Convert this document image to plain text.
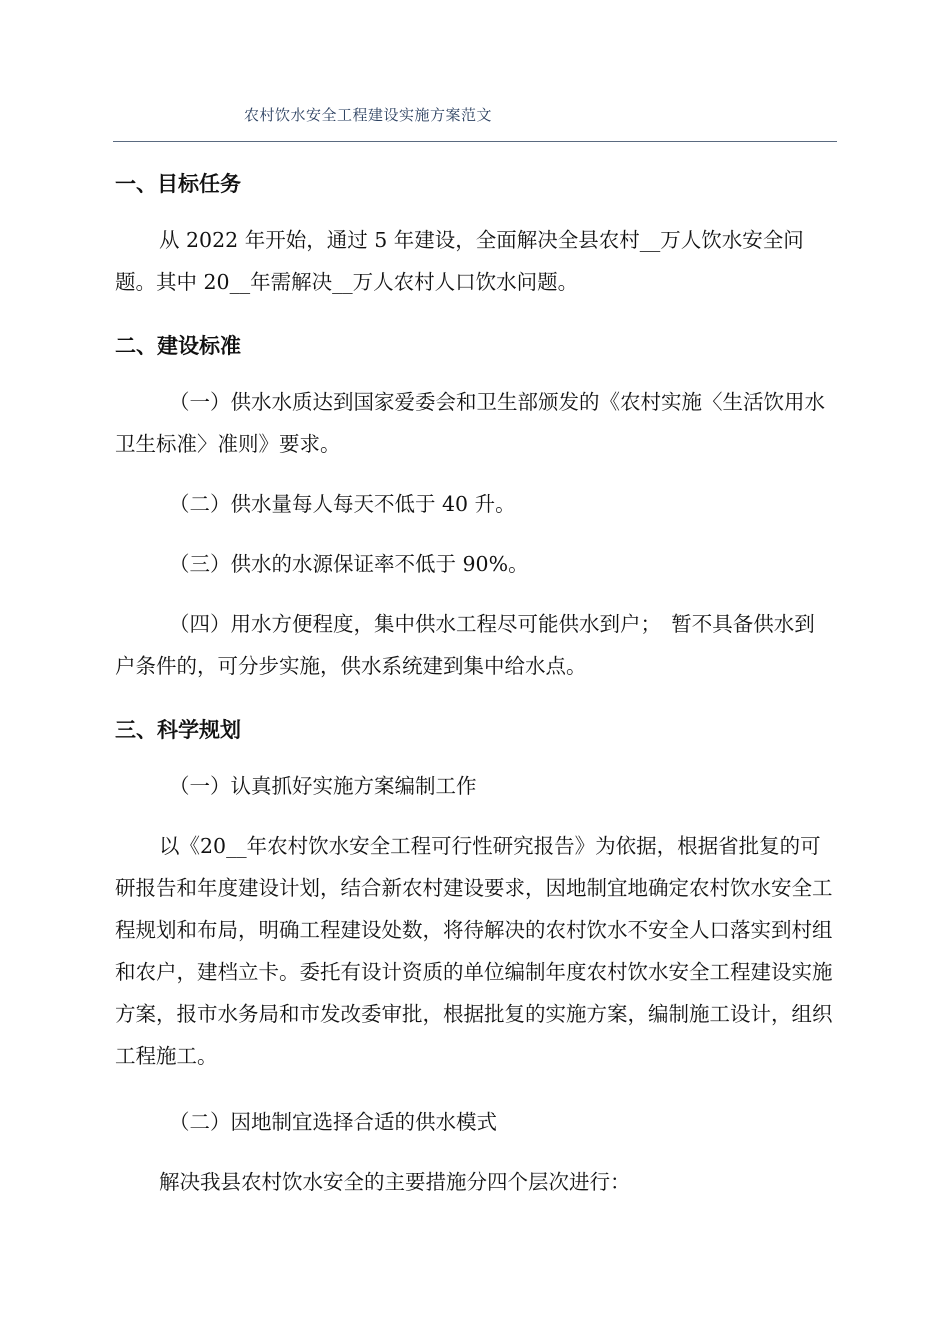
农村饮水安全工程建设实施方案范文
一、目标任务
从 2022 年开始，通过 5 年建设，全面解决全县农村__万人饮水安全问题。其中 20__年需解决__万人农村人口饮水问题。
二、建设标准
（一）供水水质达到国家爱委会和卫生部颁发的《农村实施〈生活饮用水卫生标准〉准则》要求。
（二）供水量每人每天不低于 40 升。
（三）供水的水源保证率不低于 90%。
（四）用水方便程度，集中供水工程尽可能供水到户；　暂不具备供水到户条件的，可分步实施，供水系统建到集中给水点。
三、科学规划
（一）认真抓好实施方案编制工作
以《20__年农村饮水安全工程可行性研究报告》为依据，根据省批复的可研报告和年度建设计划，结合新农村建设要求，因地制宜地确定农村饮水安全工程规划和布局，明确工程建设处数，将待解决的农村饮水不安全人口落实到村组和农户，建档立卡。委托有设计资质的单位编制年度农村饮水安全工程建设实施方案，报市水务局和市发改委审批，根据批复的实施方案，编制施工设计，组织工程施工。
（二）因地制宜选择合适的供水模式
解决我县农村饮水安全的主要措施分四个层次进行：
